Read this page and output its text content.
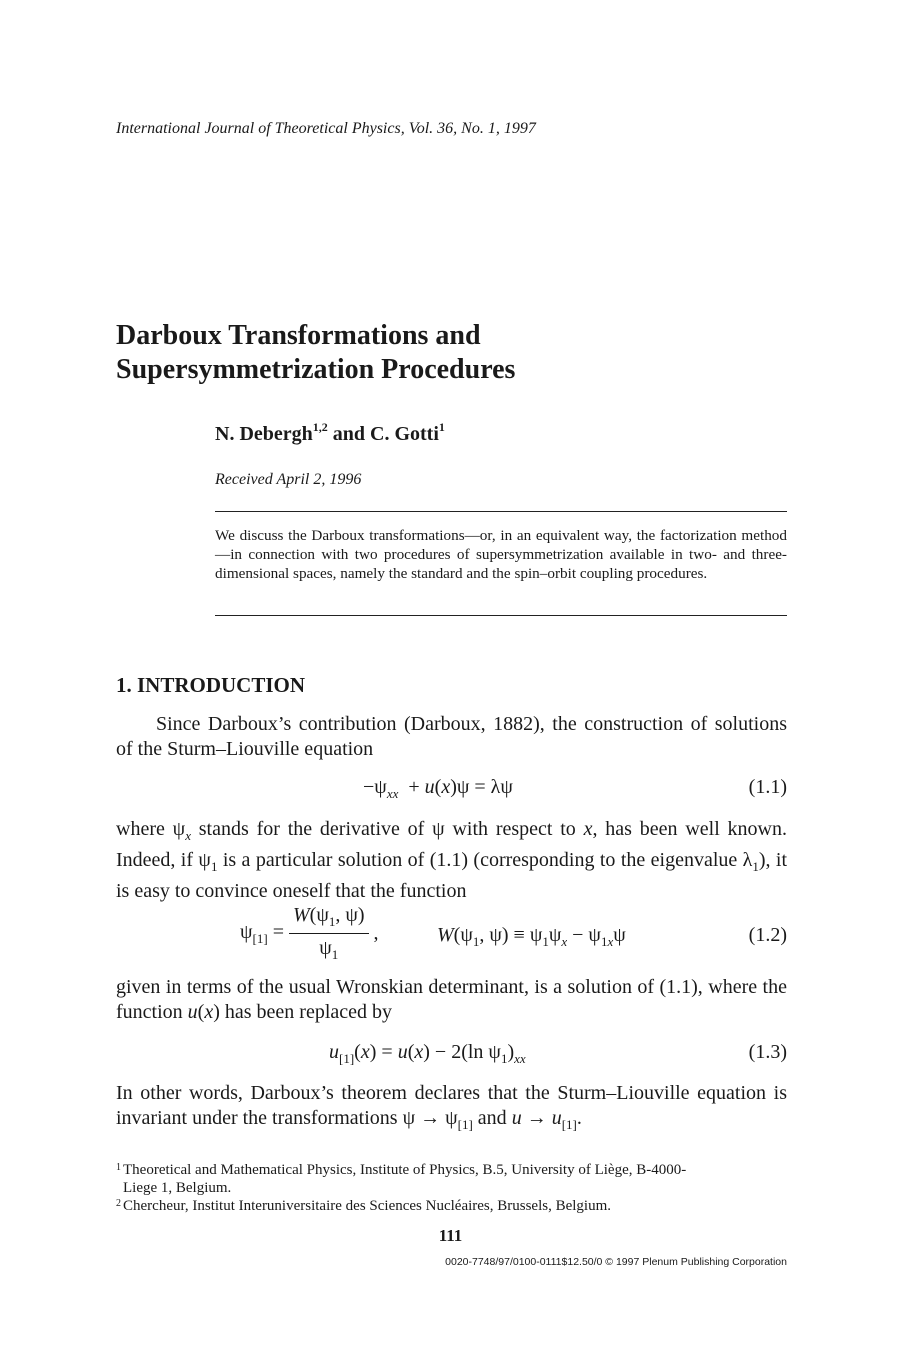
International Journal of Theoretical Physics, Vol. 36, No. 1, 1997
Darboux Transformations and
Supersymmetrization Procedures
N. Debergh$^{1,2}$ and C. Gotti$^1$
Received April 2, 1996
We discuss the Darboux transformations—or, in an equivalent way, the factorization method—in connection with two procedures of supersymmetrization available in two- and three-dimensional spaces, namely the standard and the spin–orbit coupling procedures.
1. INTRODUCTION
Since Darboux’s contribution (Darboux, 1882), the construction of solutions of the Sturm–Liouville equation
$-\psi_{xx} + u(x)\psi = \lambda\psi$	(1.1)
where $\psi_x$ stands for the derivative of ψ with respect to x, has been well known. Indeed, if $\psi_1$ is a particular solution of (1.1) (corresponding to the eigenvalue $\lambda_1$), it is easy to convince oneself that the function
$\psi_{[1]} = \frac{W(\psi_1, \psi)}{\psi_1}$ ,	$W(\psi_1$, $\psi) \equiv \psi_1\psi_x - \psi_{1x}\psi$	(1.2)
given in terms of the usual Wronskian determinant, is a solution of (1.1), where the function u(x) has been replaced by
$u_{[1]}(x) = u(x) - 2(\ln$ $\psi_1)_{xx}$	(1.3)
In other words, Darboux’s theorem declares that the Sturm–Liouville equation is invariant under the transformations $\psi \to \psi_{[1]}$ and $u \to u_{[1]}$.
1 Theoretical and Mathematical Physics, Institute of Physics, B.5, University of Liège, B-4000-
Liege 1, Belgium.
2 Chercheur, Institut Interuniversitaire des Sciences Nucléaires, Brussels, Belgium.
111
0020-7748/97/0100-0111$12.50/0 © 1997 Plenum Publishing Corporation
